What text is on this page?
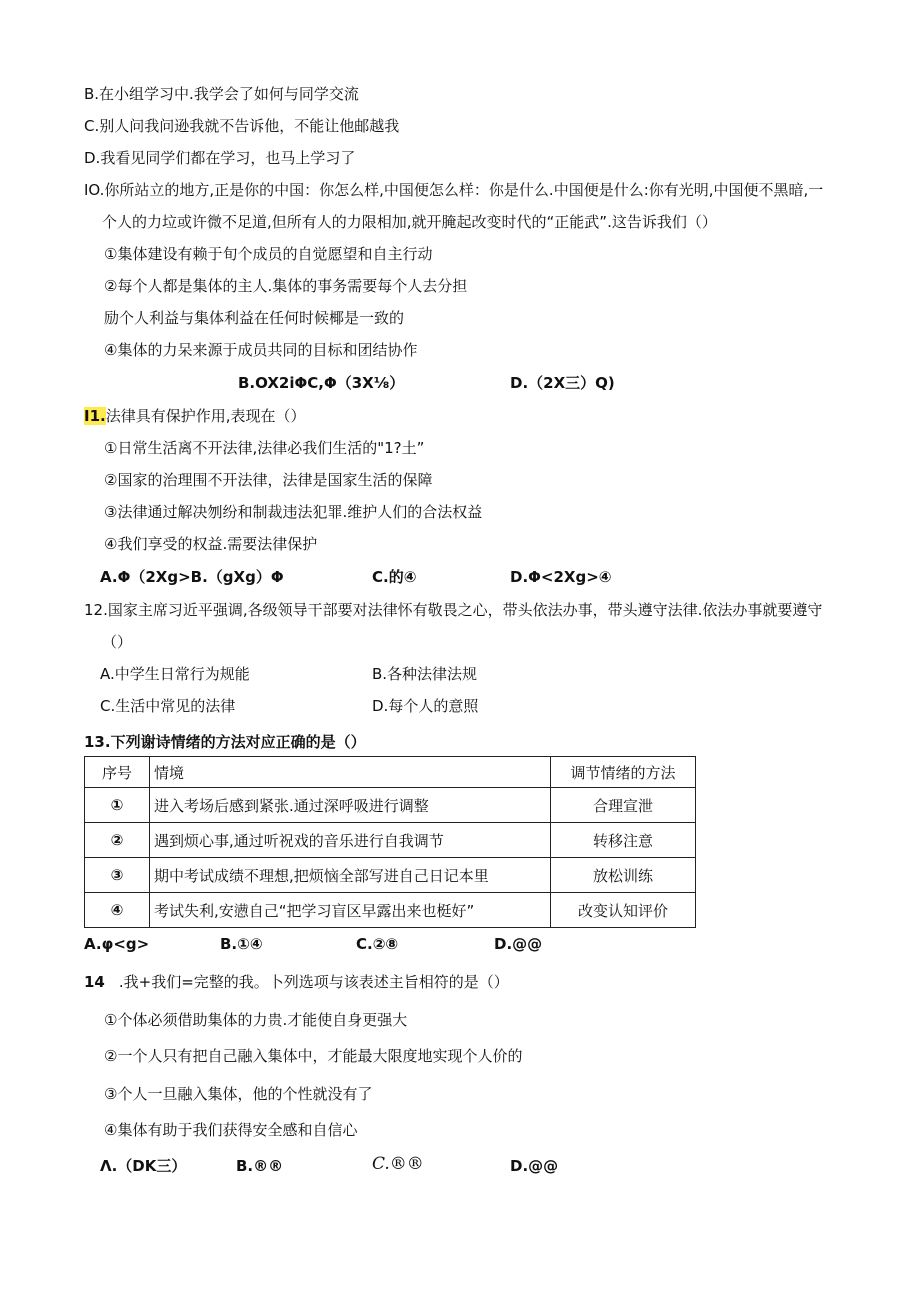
B.在小组学习中.我学会了如何与同学交流
C.别人问我问逊我就不告诉他，不能让他邮越我
D.我看见同学们都在学习，也马上学习了
IO.你所站立的地方,正是你的中国：你怎么样,中国便怎么样：你是什么.中国便是什么:你有光明,中国便不黑暗,一
个人的力垃或许微不足道,但所有人的力限相加,就开腌起改变时代的“正能武”.这告诉我们（）
①集体建设有赖于旬个成员的自觉愿望和自主行动
②每个人都是集体的主人.集体的事务需要每个人去分担
励个人利益与集体利益在任何时候椰是一致的
④集体的力呆来源于成员共同的目标和团结协作
B.OX2iΦC,Φ（3X⅛）	D.（2X三）Q)
I1.法律具有保护作用,表现在（）
①日常生活离不开法律,法律必我们生活的"1?土”
②国家的治理围不开法律，法律是国家生活的保障
③法律通过解决刎纷和制裁违法犯罪.维护人们的合法权益
④我们享受的权益.需要法律保护
A.Φ（2Xg>B.（gXg）Φ	C.的④	D.Φ<2Xg>④
12.国家主席习近平强调,各级领导干部要对法律怀有敬畏之心，带头依法办事，带头遵守法律.依法办事就要遵守
（）
A.中学生日常行为规能	B.各种法律法规
C.生活中常见的法律	D.每个人的意照
13.下列谢诗情绪的方法对应正确的是（）
序号	情境	调节情绪的方法
①	进入考场后感到紧张.通过深呼吸进行调整	合理宣泄
②	遇到烦心事,通过听祝戏的音乐进行自我调节	转移注意
③	期中考试成绩不理想,把烦恼全部写进自己日记本里	放松训练
④	考试失利,安懑自己“把学习盲区早露出来也梃好”	改变认知评价
A.φ<g>	B.①④	C.②⑧	D.@@
14 .我+我们=完整的我。卜列选项与该表述主旨相符的是（）
①个体必须借助集体的力贵.才能使自身更强大
②一个人只有把自己融入集体中，才能最大限度地实现个人价的
③个人一旦融入集体，他的个性就没有了
④集体有助于我们获得安全感和自信心
Λ.（DK三）	B.®®	C.®®	D.@@
